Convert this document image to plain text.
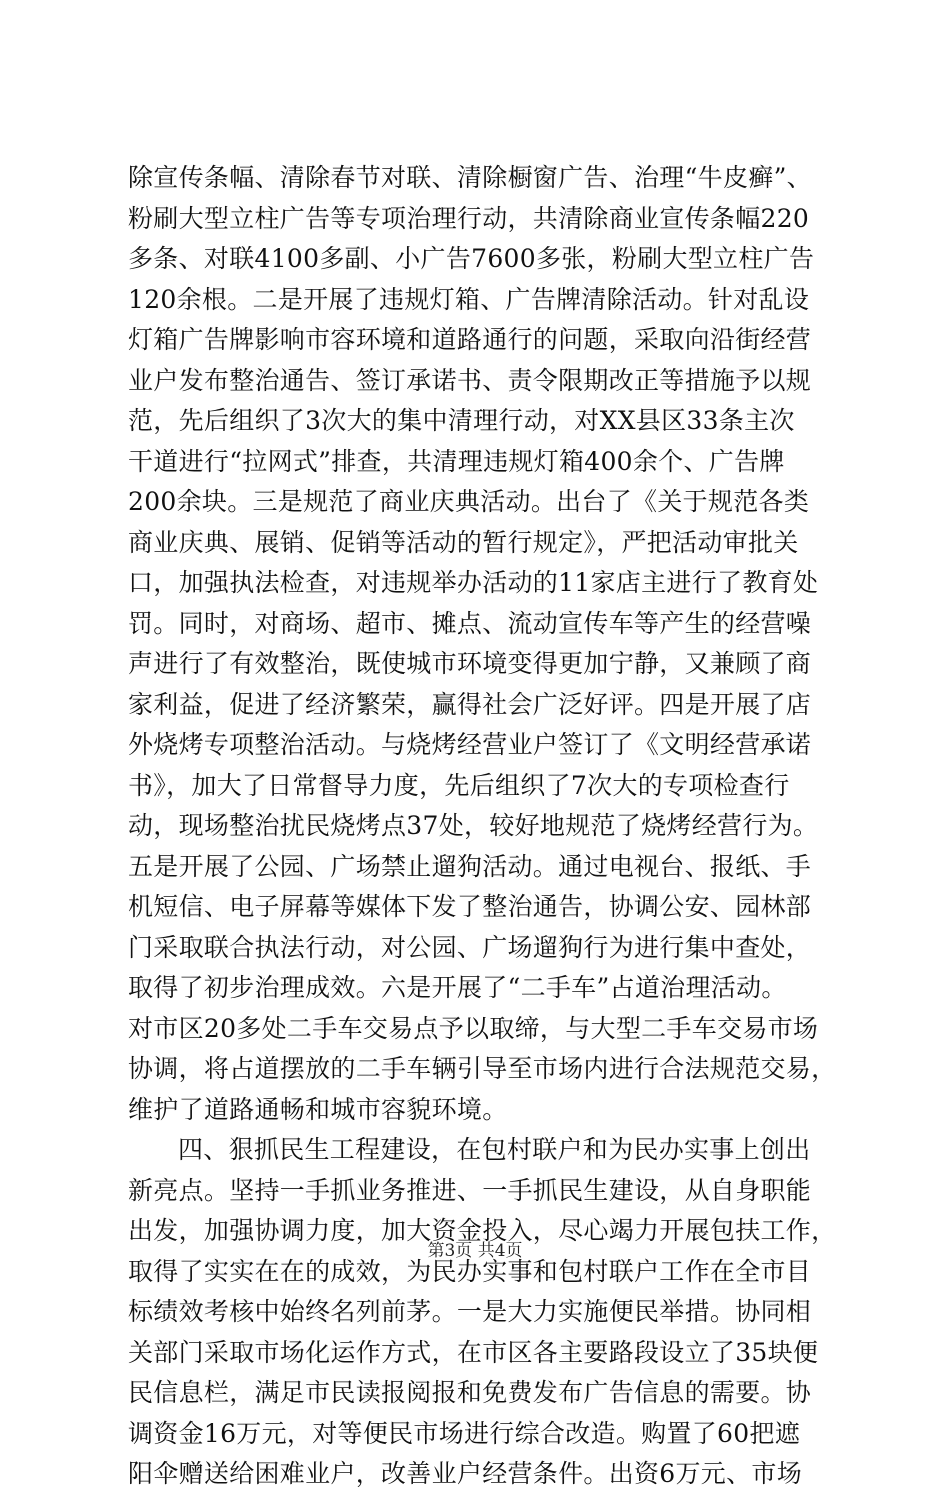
除宣传条幅、清除春节对联、清除橱窗广告、治理“牛皮癣”、
粉刷大型立柱广告等专项治理行动，共清除商业宣传条幅220
多条、对联4100多副、小广告7600多张，粉刷大型立柱广告
120余根。二是开展了违规灯箱、广告牌清除活动。针对乱设
灯箱广告牌影响市容环境和道路通行的问题，采取向沿街经营
业户发布整治通告、签订承诺书、责令限期改正等措施予以规
范，先后组织了3次大的集中清理行动，对XX县区33条主次
干道进行“拉网式”排查，共清理违规灯箱400余个、广告牌
200余块。三是规范了商业庆典活动。出台了《关于规范各类
商业庆典、展销、促销等活动的暂行规定》，严把活动审批关
口，加强执法检查，对违规举办活动的11家店主进行了教育处
罚。同时，对商场、超市、摊点、流动宣传车等产生的经营噪
声进行了有效整治，既使城市环境变得更加宁静，又兼顾了商
家利益，促进了经济繁荣，赢得社会广泛好评。四是开展了店
外烧烤专项整治活动。与烧烤经营业户签订了《文明经营承诺
书》，加大了日常督导力度，先后组织了7次大的专项检查行
动，现场整治扰民烧烤点37处，较好地规范了烧烤经营行为。
五是开展了公园、广场禁止遛狗活动。通过电视台、报纸、手
机短信、电子屏幕等媒体下发了整治通告，协调公安、园林部
门采取联合执法行动，对公园、广场遛狗行为进行集中查处，
取得了初步治理成效。六是开展了“二手车”占道治理活动。
对市区20多处二手车交易点予以取缔，与大型二手车交易市场
协调，将占道摆放的二手车辆引导至市场内进行合法规范交易，
维护了道路通畅和城市容貌环境。
四、狠抓民生工程建设，在包村联户和为民办实事上创出
新亮点。坚持一手抓业务推进、一手抓民生建设，从自身职能
出发，加强协调力度，加大资金投入，尽心竭力开展包扶工作，
取得了实实在在的成效，为民办实事和包村联户工作在全市目
标绩效考核中始终名列前茅。一是大力实施便民举措。协同相
关部门采取市场化运作方式，在市区各主要路段设立了35块便
民信息栏，满足市民读报阅报和免费发布广告信息的需要。协
调资金16万元，对等便民市场进行综合改造。购置了60把遮
阳伞赠送给困难业户，改善业户经营条件。出资6万元、市场
第3页 共4页
